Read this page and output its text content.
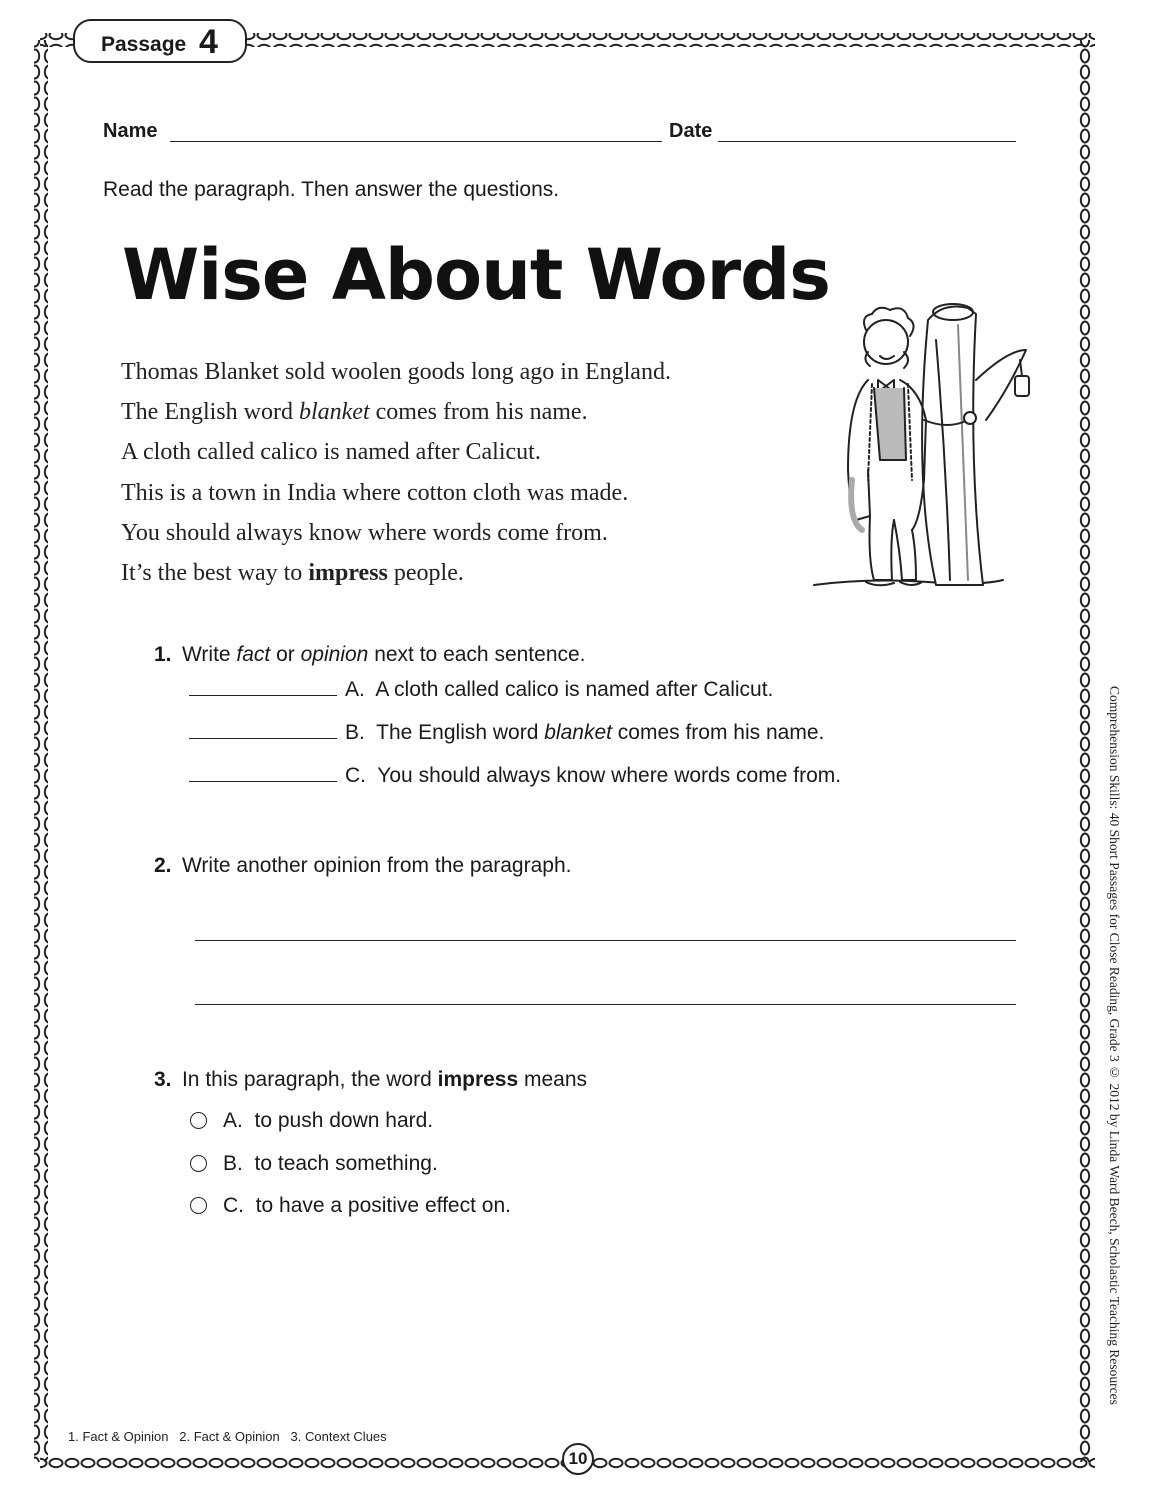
Passage 4
Name	Date
Read the paragraph. Then answer the questions.
Wise About Words

Thomas Blanket sold woolen goods long ago in England.

The English word blanket comes from his name.

A cloth called calico is named after Calicut.

This is a town in India where cotton cloth was made.

You should always know where words come from.

It’s the best way to impress people.

1. Write fact or opinion next to each sentence.
A. A cloth called calico is named after Calicut.
B. The English word blanket comes from his name.
C. You should always know where words come from.
2. Write another opinion from the paragraph.
3. In this paragraph, the word impress means
A. to push down hard.
B. to teach something.
C. to have a positive effect on.
1. Fact & Opinion   2. Fact & Opinion   3. Context Clues
10
Comprehension Skills: 40 Short Passages for Close Reading, Grade 3 © 2012 by Linda Ward Beech, Scholastic Teaching Resources
